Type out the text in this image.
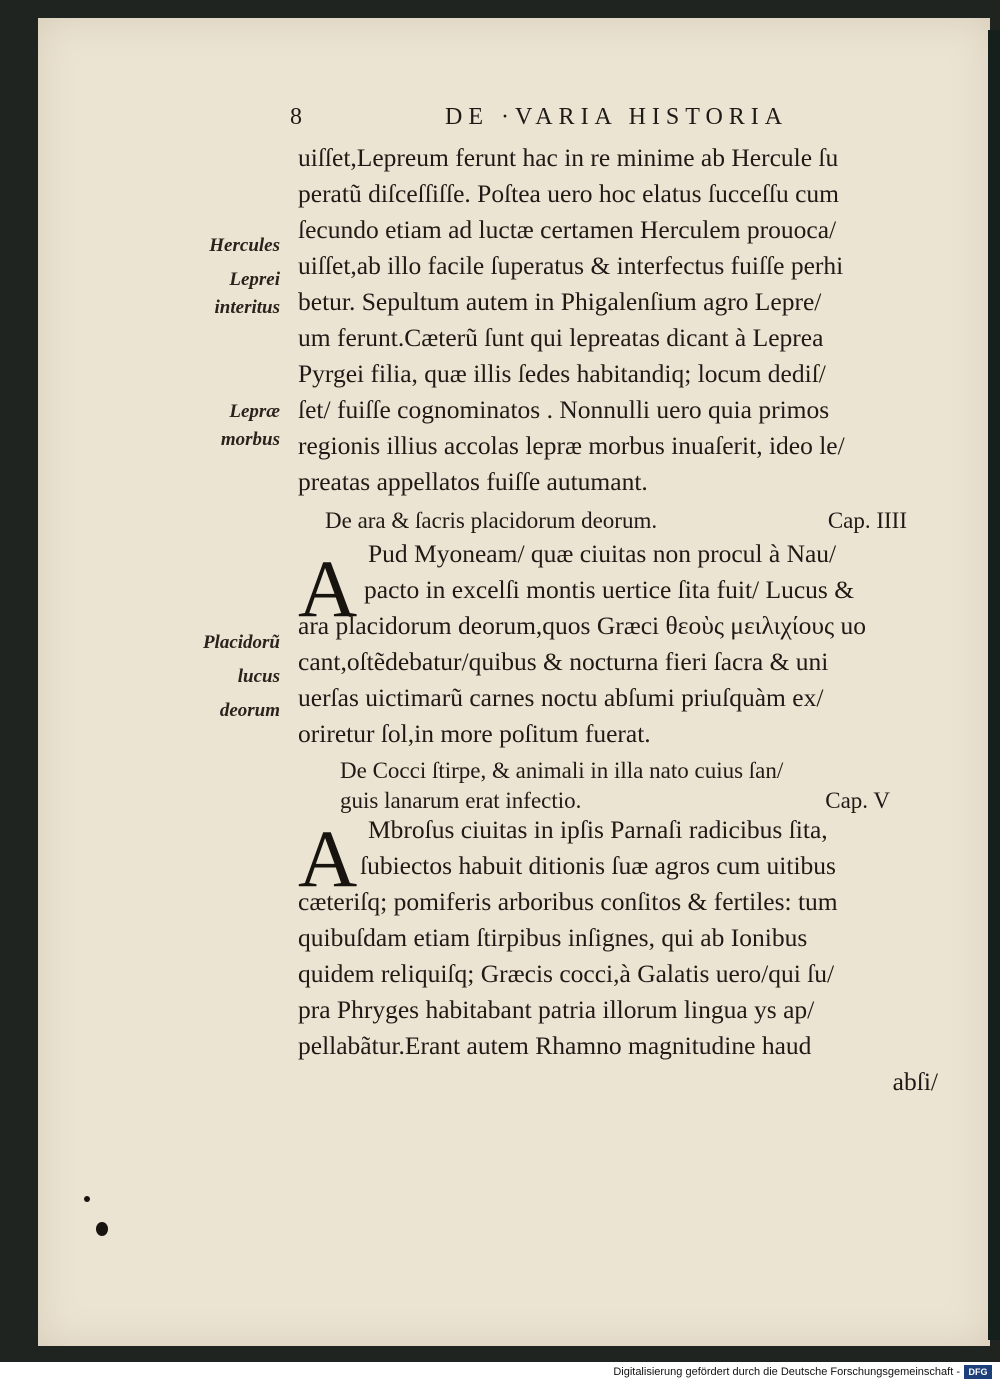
8	DE ·VARIA HISTORIA
uiſſet,Lepreum ferunt hac in re minime ab Hercule ſu
peratũ diſceſſiſſe. Poſtea uero hoc elatus ſucceſſu cum
ſecundo etiam ad luctæ certamen Herculem prouoca/
uiſſet,ab illo facile ſuperatus & interfectus fuiſſe perhi
betur. Sepultum autem in Phigalenſium agro Lepre/
um ferunt.Cæterũ ſunt qui lepreatas dicant à Leprea
Pyrgei filia, quæ illis ſedes habitandiq; locum dediſ/
ſet/ fuiſſe cognominatos . Nonnulli uero quia primos
regionis illius accolas lepræ morbus inuaſerit, ideo le/
preatas appellatos fuiſſe autumant.
Hercules
Leprei
interitus
Lepræ
morbus
De ara & ſacris placidorum deorum.	Cap. IIII
A Pud Myoneam/ quæ ciuitas non procul à Nau/
pacto in excelſi montis uertice ſita fuit/ Lucus &
ara placidorum deorum,quos Græci θεοὺς μειλιχίους uo
cant,oſtẽdebatur/quibus & nocturna fieri ſacra & uni
uerſas uictimarũ carnes noctu abſumi priuſquàm ex/
oriretur ſol,in more poſitum fuerat.
Placidorũ
lucus
deorum
De Cocci ſtirpe, & animali in illa nato cuius ſan/
guis lanarum erat infectio.	Cap. V
A Mbroſus ciuitas in ipſis Parnaſi radicibus ſita,
ſubiectos habuit ditionis ſuæ agros cum uitibus
cæteriſq; pomiferis arboribus conſitos & fertiles: tum
quibuſdam etiam ſtirpibus inſignes, qui ab Ionibus
quidem reliquiſq; Græcis cocci,à Galatis uero/qui ſu/
pra Phryges habitabant patria illorum lingua ys ap/
pellabãtur.Erant autem Rhamno magnitudine haud
abſi/
Digitalisierung gefördert durch die Deutsche Forschungsgemeinschaft - DFG
